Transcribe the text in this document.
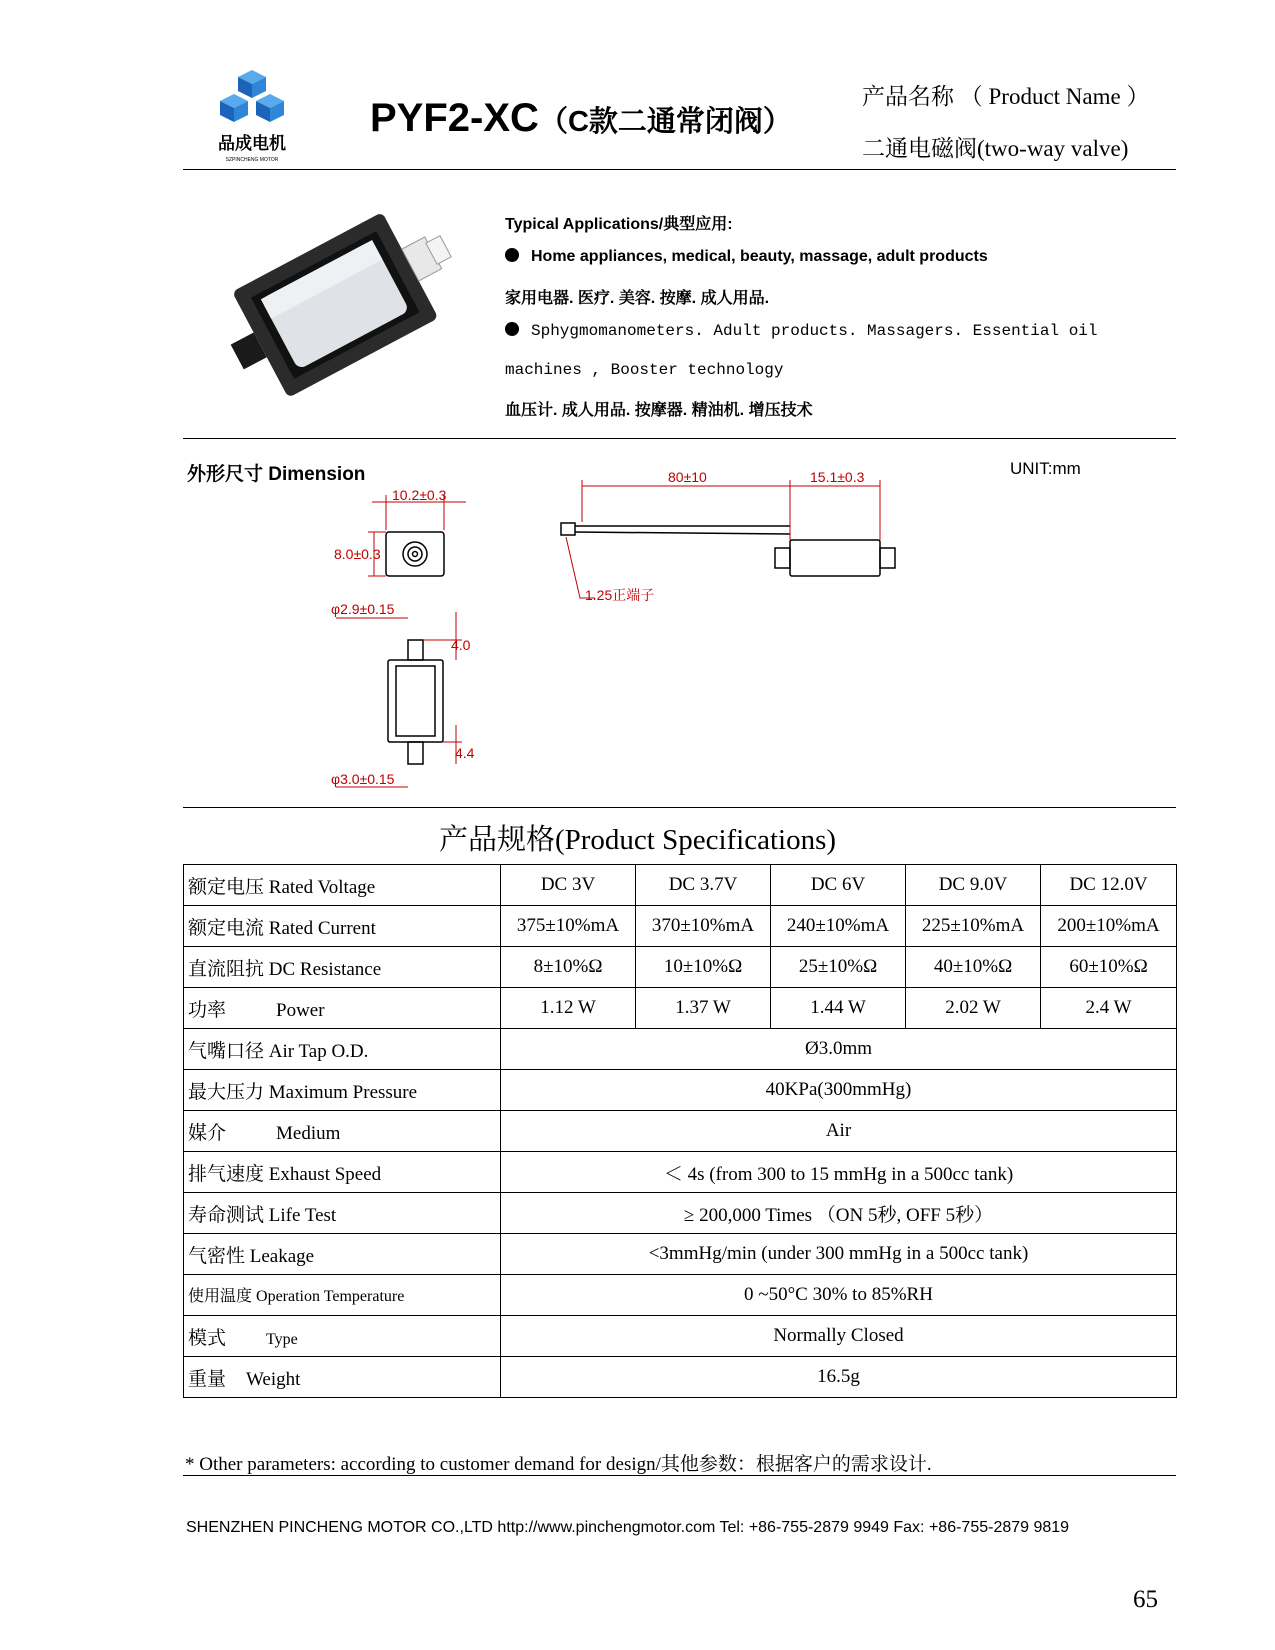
品成电机
SZPINCHENG MOTOR
PYF2-XC（C款二通常闭阀）
产品名称 （ Product Name ）
二通电磁阀(two-way valve)
Typical Applications/典型应用:
Home appliances, medical, beauty, massage, adult products
家用电器. 医疗. 美容. 按摩. 成人用品.
Sphygmomanometers. Adult products. Massagers. Essential oil
machines , Booster technology
血压计. 成人用品. 按摩器. 精油机. 增压技术
外形尺寸 Dimension	UNIT:mm
10.2±0.3
8.0±0.3
φ2.9±0.15
4.0
4.4
φ3.0±0.15
80±10	15.1±0.3
1.25正端子
产品规格(Product Specifications)
额定电压 Rated Voltage	DC 3V	DC 3.7V	DC 6V	DC 9.0V	DC 12.0V
额定电流 Rated Current	375±10%mA	370±10%mA	240±10%mA	225±10%mA	200±10%mA
直流阻抗 DC Resistance	8±10%Ω	10±10%Ω	25±10%Ω	40±10%Ω	60±10%Ω
功率 Power	1.12 W	1.37 W	1.44 W	2.02 W	2.4 W
气嘴口径 Air Tap O.D.	Ø3.0mm				
最大压力 Maximum Pressure	40KPa(300mmHg)				
媒介 Medium	Air				
排气速度 Exhaust Speed	＜ 4s (from 300 to 15 mmHg in a 500cc tank)				
寿命测试 Life Test	≥ 200,000 Times （ON 5秒, OFF 5秒）				
气密性 Leakage	<3mmHg/min (under 300 mmHg in a 500cc tank)				
使用温度 Operation Temperature	0 ~50°C 30% to 85%RH				
模式 Type	Normally Closed				
重量 Weight	16.5g				
* Other parameters: according to customer demand for design/其他参数：根据客户的需求设计.
SHENZHEN PINCHENG MOTOR CO.,LTD http://www.pinchengmotor.com Tel: +86-755-2879 9949 Fax: +86-755-2879 9819
65
